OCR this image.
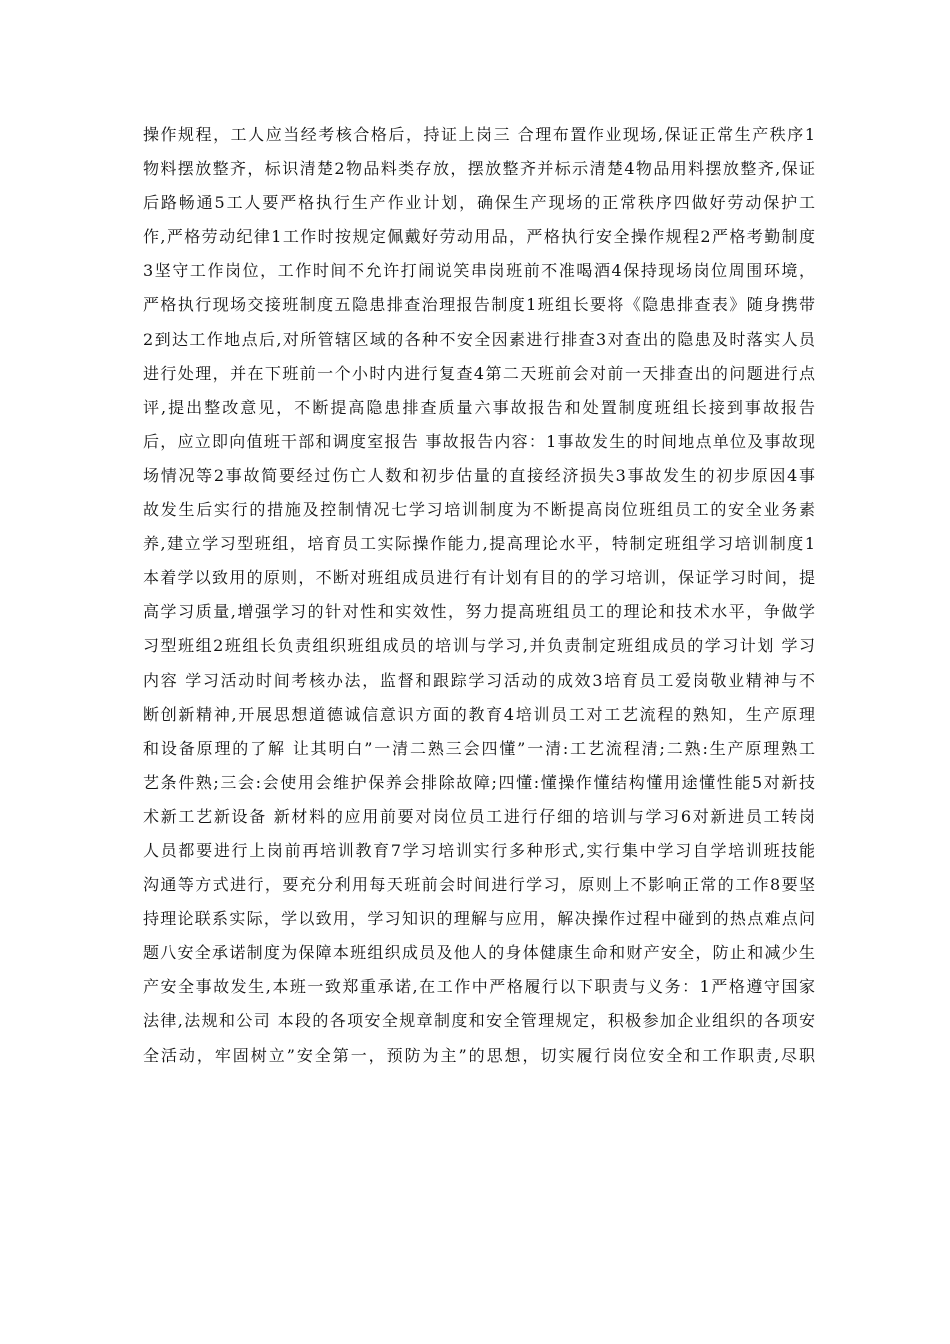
操作规程，工人应当经考核合格后，持证上岗三 合理布置作业现场,保证正常生产秩序1
物料摆放整齐，标识清楚2物品料类存放，摆放整齐并标示清楚4物品用料摆放整齐,保证
后路畅通5工人要严格执行生产作业计划，确保生产现场的正常秩序四做好劳动保护工
作,严格劳动纪律1工作时按规定佩戴好劳动用品，严格执行安全操作规程2严格考勤制度
3坚守工作岗位，工作时间不允许打闹说笑串岗班前不准喝酒4保持现场岗位周围环境，
严格执行现场交接班制度五隐患排查治理报告制度1班组长要将《隐患排查表》随身携带
2到达工作地点后,对所管辖区域的各种不安全因素进行排查3对查出的隐患及时落实人员
进行处理，并在下班前一个小时内进行复查4第二天班前会对前一天排查出的问题进行点
评,提出整改意见，不断提高隐患排查质量六事故报告和处置制度班组长接到事故报告
后，应立即向值班干部和调度室报告 事故报告内容：1事故发生的时间地点单位及事故现
场情况等2事故简要经过伤亡人数和初步估量的直接经济损失3事故发生的初步原因4事
故发生后实行的措施及控制情况七学习培训制度为不断提高岗位班组员工的安全业务素
养,建立学习型班组，培育员工实际操作能力,提高理论水平，特制定班组学习培训制度1
本着学以致用的原则，不断对班组成员进行有计划有目的的学习培训，保证学习时间，提
高学习质量,增强学习的针对性和实效性，努力提高班组员工的理论和技术水平，争做学
习型班组2班组长负责组织班组成员的培训与学习,并负责制定班组成员的学习计划 学习
内容 学习活动时间考核办法，监督和跟踪学习活动的成效3培育员工爱岗敬业精神与不
断创新精神,开展思想道德诚信意识方面的教育4培训员工对工艺流程的熟知，生产原理
和设备原理的了解 让其明白”一清二熟三会四懂”一清:工艺流程清;二熟:生产原理熟工
艺条件熟;三会:会使用会维护保养会排除故障;四懂:懂操作懂结构懂用途懂性能5对新技
术新工艺新设备 新材料的应用前要对岗位员工进行仔细的培训与学习6对新进员工转岗
人员都要进行上岗前再培训教育7学习培训实行多种形式,实行集中学习自学培训班技能
沟通等方式进行，要充分利用每天班前会时间进行学习，原则上不影响正常的工作8要坚
持理论联系实际，学以致用，学习知识的理解与应用，解决操作过程中碰到的热点难点问
题八安全承诺制度为保障本班组织成员及他人的身体健康生命和财产安全，防止和减少生
产安全事故发生,本班一致郑重承诺,在工作中严格履行以下职责与义务：1严格遵守国家
法律,法规和公司 本段的各项安全规章制度和安全管理规定，积极参加企业组织的各项安
全活动，牢固树立”安全第一，预防为主”的思想，切实履行岗位安全和工作职责,尽职
